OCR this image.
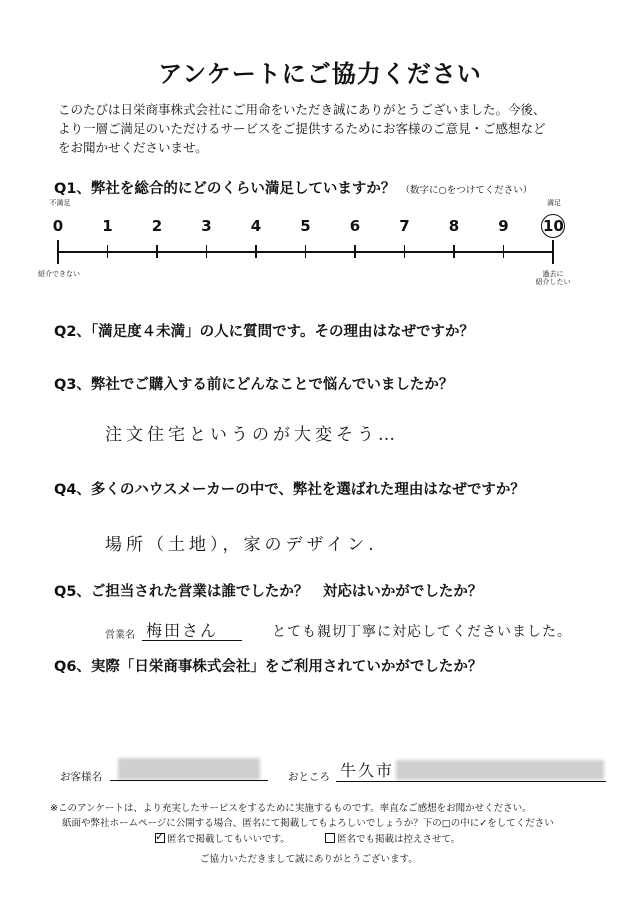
アンケートにご協力ください
このたびは日栄商事株式会社にご用命をいただき誠にありがとうございました。今後、
より一層ご満足のいただけるサービスをご提供するためにお客様のご意見・ご感想など
をお聞かせくださいませ。
Q1、弊社を総合的にどのくらい満足していますか？ （数字に○をつけてください）
不満足	満足
0	1	2	3	4	5	6	7	8	9	10
紹介できない	過去に
紹介したい
Q2、「満足度４未満」の人に質問です。その理由はなぜですか？
Q3、弊社でご購入する前にどんなことで悩んでいましたか？
注文住宅というのが大変そう…
Q4、多くのハウスメーカーの中で、弊社を選ばれた理由はなぜですか？
場所（土地），家のデザイン.
Q5、ご担当された営業は誰でしたか？　対応はいかがでしたか？
営業名 梅田さん	とても親切丁寧に対応してくださいました。
Q6、実際「日栄商事株式会社」をご利用されていかがでしたか？
お客様名	おところ 牛久市
※このアンケートは、より充実したサービスをするために実施するものです。率直なご感想をお聞かせください。
紙面や弊社ホームページに公開する場合、匿名にて掲載してもよろしいでしょうか？下の□の中に✓をしてください
✓ 匿名で掲載してもいいです。	匿名でも掲載は控えさせて。
ご協力いただきまして誠にありがとうございます。
